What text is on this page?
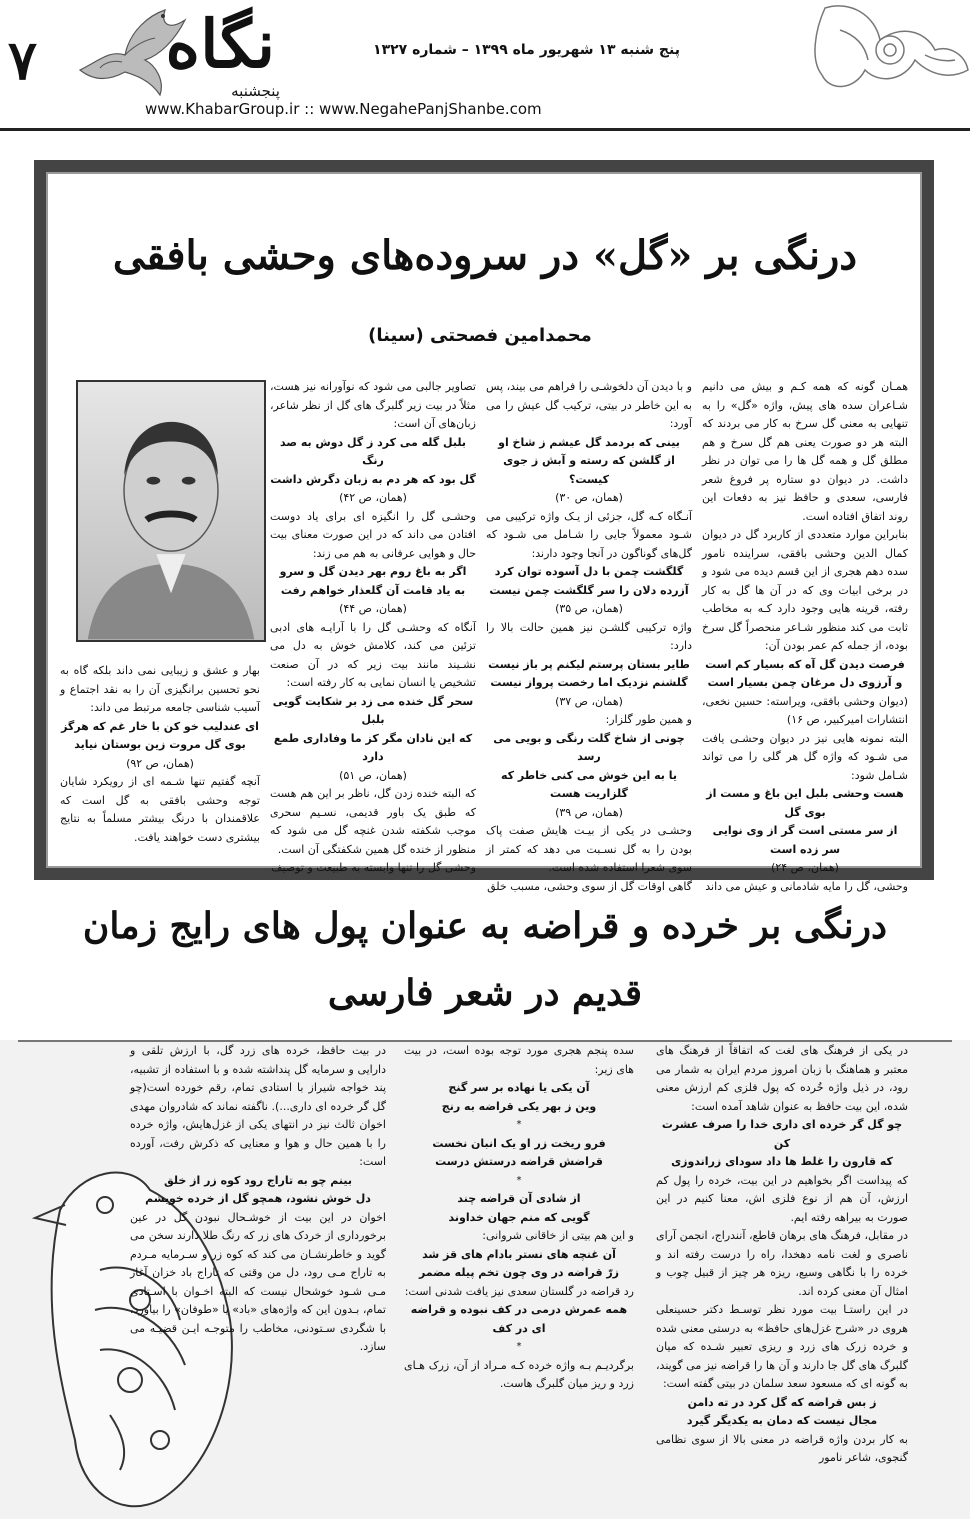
۷ نگاه
پنجشنبه
پنج شنبه ۱۳ شهریور ماه ۱۳۹۹ – شماره ۱۳۲۷
www.KhabarGroup.ir :: www.NegahePanjShanbe.com
درنگی بر «گل» در سروده‌های وحشی بافقی
محمدامین فصحتی (سینا)

همـان گونه که همه کـم و بیش می دانیم شـاعران سده های پیش، واژه «گل» را به تنهایی به معنی گل سرخ به کار می بردند که البته هر دو صورت یعنی هم گل سرخ و هم مطلق گل و همه گل ها را می توان در نظر داشت. در دیوان دو ستاره پر فروغ شعر فارسی، سعدی و حافظ نیز به دفعات این روند اتفاق افتاده است.

بنابراین موارد متعددی از کاربرد گل در دیوان کمال الدین وحشی بافقی، سراینده نامور سده دهم هجری از این قسم دیده می شود و در برخی ابیات وی که در آن ها گل به کار رفته، قرینه هایی وجود دارد کـه به مخاطب ثابت می کند منظور شـاعر منحصراً گل سرخ بوده، از جمله کم عمر بودن آن:

فرصت دیدن گل آه که بسیار کم است

و آرزوی دل مرغان چمن بسیار است

(دیوان وحشی بافقی، ویراسته: حسین نخعی، انتشارات امیرکبیر، ص ۱۶)

البته نمونه هایی نیز در دیوان وحشـی یافت می شـود که واژه گل هر گلی را می تواند شـامل شود:

هست وحشی بلبل این باغ و مست از بوی گل

از سر مستی است گر از وی نوایی سر زده است

(همان، ص ۲۴)

وحشی، گل را مایه شادمانی و عیش می داند

و با دیدن آن دلخوشـی را فراهم می بیند، پس به این خاطر در بیتی، ترکیب گل عیش را می آورد:

بینی که بردمد گل عیشم ز شاخ او

از گلشن که رسته و آبش ز جوی کیست؟

(همان، ص ۳۰)

آنـگاه کـه گل، جزئی از یـک واژه ترکیبی می شـود معمولاً جایی را شـامل می شـود که گل‌های گوناگون در آنجا وجود دارند:

گلگشت چمن با دل آسوده توان کرد

آزرده دلان را سر گلگشت چمن نیست

(همان، ص ۳۵)

واژه ترکیبی گلشـن نیز همین حالت بالا را دارد:

طایر بستان پرستم لیکنم پر باز نیست

گلشنم نزدیک اما رخصت پرواز نیست

(همان، ص ۳۷)

و همین طور گلزار:

چونی از شاخ گلت رنگی و بویی می رسد

یا به این خوش می کنی خاطر که گلزاریت هست

(همان، ص ۳۹)

وحشـی در یکی از بیـت هایش صفت پاک بودن را به گل نسـبت می دهد که کمتر از سوی شعرا استفاده شده است.

گاهی اوقات گل از سوی وحشی، مسبب خلق

تصاویر جالبی می شود که نوآورانه نیز هست، مثلاً در بیت زیر گلبرگ های گل از نظر شاعر، زبان‌های آن است:

بلبل گله می کرد ز گل دوش به صد رنگ

گل بود که هر دم به زبان دگرش داشت

(همان، ص ۴۲)

وحشـی گل را انگیزه ای برای یاد دوست افتادن می داند که در این صورت معنای بیت حال و هوایی عرفانی به هم می زند:

اگر به باغ روم بهر دیدن گل و سرو

به یاد قامت آن گلعذار خواهم رفت

(همان، ص ۴۴)

آنگاه که وحشـی گل را با آرایـه های ادبی تزئین می کند، کلامش خوش به دل می نشـیند مانند بیت زیر که در آن صنعت تشخیص یا انسان نمایی به کار رفته است:

سحر گل خنده می زد بر شکایت گویی بلبل

که این نادان مگر کز ما وفاداری طمع دارد

(همان، ص ۵۱)

که البته خنده زدن گل، ناظر بر این هم هست که طبق یک باور قدیمی، نسـیم سحری موجب شکفته شدن غنچه گل می شود که منظور از خنده گل همین شکفتگی آن است.

وحشی گل را تنها وابسته به طبیعت و توصیف

بهار و عشق و زیبایی نمی داند بلکه گاه به نحو تحسین برانگیزی آن را به نقد اجتماع و آسیب شناسی جامعه مرتبط می داند:

ای عندلیب خو کن با خار غم که هرگز

بوی گل مروت زین بوستان نیاید

(همان، ص ۹۲)

آنچه گفتیم تنها شـمه ای از رویکرد شایان توجه وحشی بافقی به گل است که علاقمندان با درنگ بیشتر مسلماً به نتایج بیشتری دست خواهند یافت.

درنگی بر خرده و قراضه به عنوان پول های رایج زمان
قدیم در شعر فارسی

در یکی از فرهنگ های لغت که اتفاقاً از فرهنگ های معتبر و هماهنگ با زبان امروز مردم ایران به شمار می رود، در ذیل واژه خُرده که پول فلزی کم ارزش معنی شده، این بیت حافظ به عنوان شاهد آمده است:

چو گل گر خرده ای داری خدا را صرف عشرت کن

که قارون را غلط ها داد سودای زراندوزی

که پیداست اگر بخواهیم در این بیت، خرده را پول کم ارزش، آن هم از نوع فلزی اش، معنا کنیم در این صورت به بیراهه رفته ایم.

در مقابل، فرهنگ های برهان قاطع، آنندراج، انجمن آرای ناصری و لغت نامه دهخدا، راه را درست رفته اند و خرده را با نگاهی وسیع، ریزه هر چیز از قبیل چوب و امثال آن معنی کرده اند.

در این راستـا بیت مورد نظر توسـط دکتر حسینعلی هروی در «شرح غزل‌های حافظ» به درستی معنی شده و خرده زرک های زرد و ریزی تعبیر شـده که میان گلبرگ های گل جا دارند و آن ها را قراضه نیز می گویند، به گونه ای که مسعود سعد سلمان در بیتی گفته است:

ز بس قراضه که گل کرد در ته دامن

مجال نیست که دمان به یکدیگر گیرد

به کار بردن واژه قراضه در معنی بالا از سوی نظامی گنجوی، شاعر نامور

سده پنجم هجری مورد توجه بوده است، در بیت های زیر:

آن یکی یا نهاده بر سر گنج

وین ز بهر یکی قراضه به رنج

*

فرو ریخت زر او یک انبان نخست

قراضش قراضه درستش درست

*

از شادی آن قراضه چند

گویی که منم جهان خداوند

و این هم بیتی از خاقانی شروانی:

آن غنچه های نستر بادام های قز شد

زرّ قراضه در وی چون تخم پیله مضمر

رد قراضه در گلستان سعدی نیز یافت شدنی است:

همه عمرش درمی در کف نبوده و قراضه ای در کف

*

برگردیـم بـه واژه خرده کـه مـراد از آن، زرک هـای زرد و ریز میان گلبرگ هاست.

در بیت حافظ، خرده های زرد گل، با ارزش تلقی و دارایی و سرمایه گل پنداشته شده و با استفاده از تشبیه، پند خواجه شیراز با استادی تمام، رقم خورده است(چو گل گر خرده ای داری...). ناگفته نماند که شادروان مهدی اخوان ثالث نیز در انتهای یکی از غزل‌هایش، واژه خرده را با همین حال و هوا و معنایی که ذکرش رفت، آورده است:

بینم چو به تاراج رود کوه زر از خلق

دل خوش نشود، همچو گل از خرده خویشم

اخوان در این بیت از خوشـحال نبودن گل در عین برخورداری از خردک های زر که رنگ طلا دارند سخن می گوید و خاطرنشـان می کند که کوه زر و سـرمایه مـردم به تاراج مـی رود، دل من وقتی که تاراج باد خزان آغاز مـی شـود خوشحال نیست که البته اخـوان با اسـتادی تمام، بـدون این که واژه‌های «باد» یا «طوفان» را بیاورد، با شگردی سـتودنی، مخاطب را متوجـه ایـن قضیـه می سازد.
